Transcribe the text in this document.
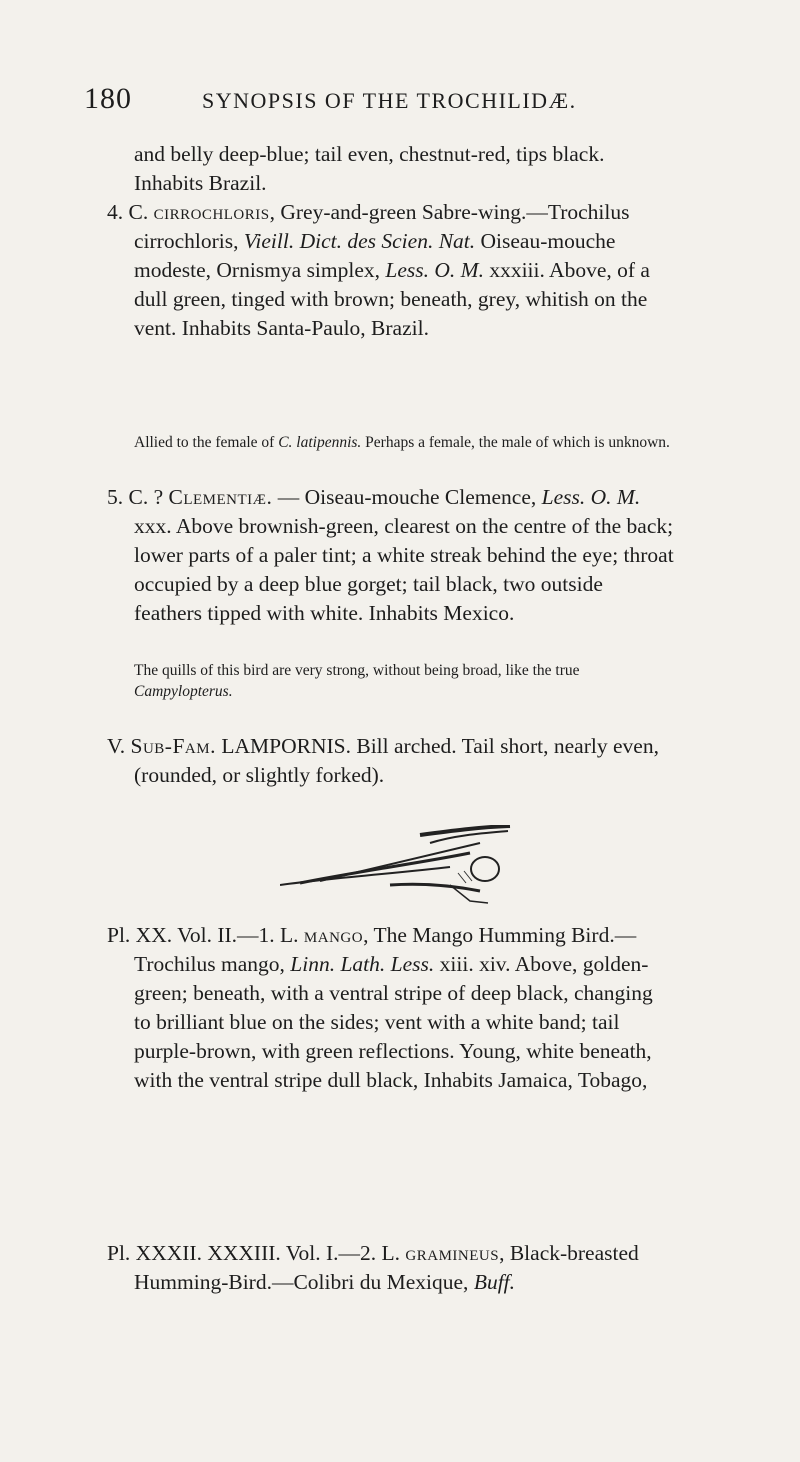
180	SYNOPSIS OF THE TROCHILIDÆ.

and belly deep-blue; tail even, chestnut-red, tips black. Inhabits Brazil.

4. C. cirrochloris, Grey-and-green Sabre-wing.—Trochilus cirrochloris, Vieill. Dict. des Scien. Nat. Oiseau-mouche modeste, Ornismya simplex, Less. O. M. xxxiii. Above, of a dull green, tinged with brown; beneath, grey, whitish on the vent. Inhabits Santa-Paulo, Brazil.

Allied to the female of C. latipennis. Perhaps a female, the male of which is unknown.

5. C. ? Clementiæ. — Oiseau-mouche Clemence, Less. O. M. xxx. Above brownish-green, clearest on the centre of the back; lower parts of a paler tint; a white streak behind the eye; throat occupied by a deep blue gorget; tail black, two outside feathers tipped with white. Inhabits Mexico.

The quills of this bird are very strong, without being broad, like the true Campylopterus.

V. Sub-Fam. LAMPORNIS. Bill arched. Tail short, nearly even, (rounded, or slightly forked).

Pl. XX. Vol. II.—1. L. mango, The Mango Humming Bird.—Trochilus mango, Linn. Lath. Less. xiii. xiv. Above, golden-green; beneath, with a ventral stripe of deep black, changing to brilliant blue on the sides; vent with a white band; tail purple-brown, with green reflections. Young, white beneath, with the ventral stripe dull black, Inhabits Jamaica, Tobago,

Pl. XXXII. XXXIII. Vol. I.—2. L. gramineus, Black-breasted Humming-Bird.—Colibri du Mexique, Buff.
